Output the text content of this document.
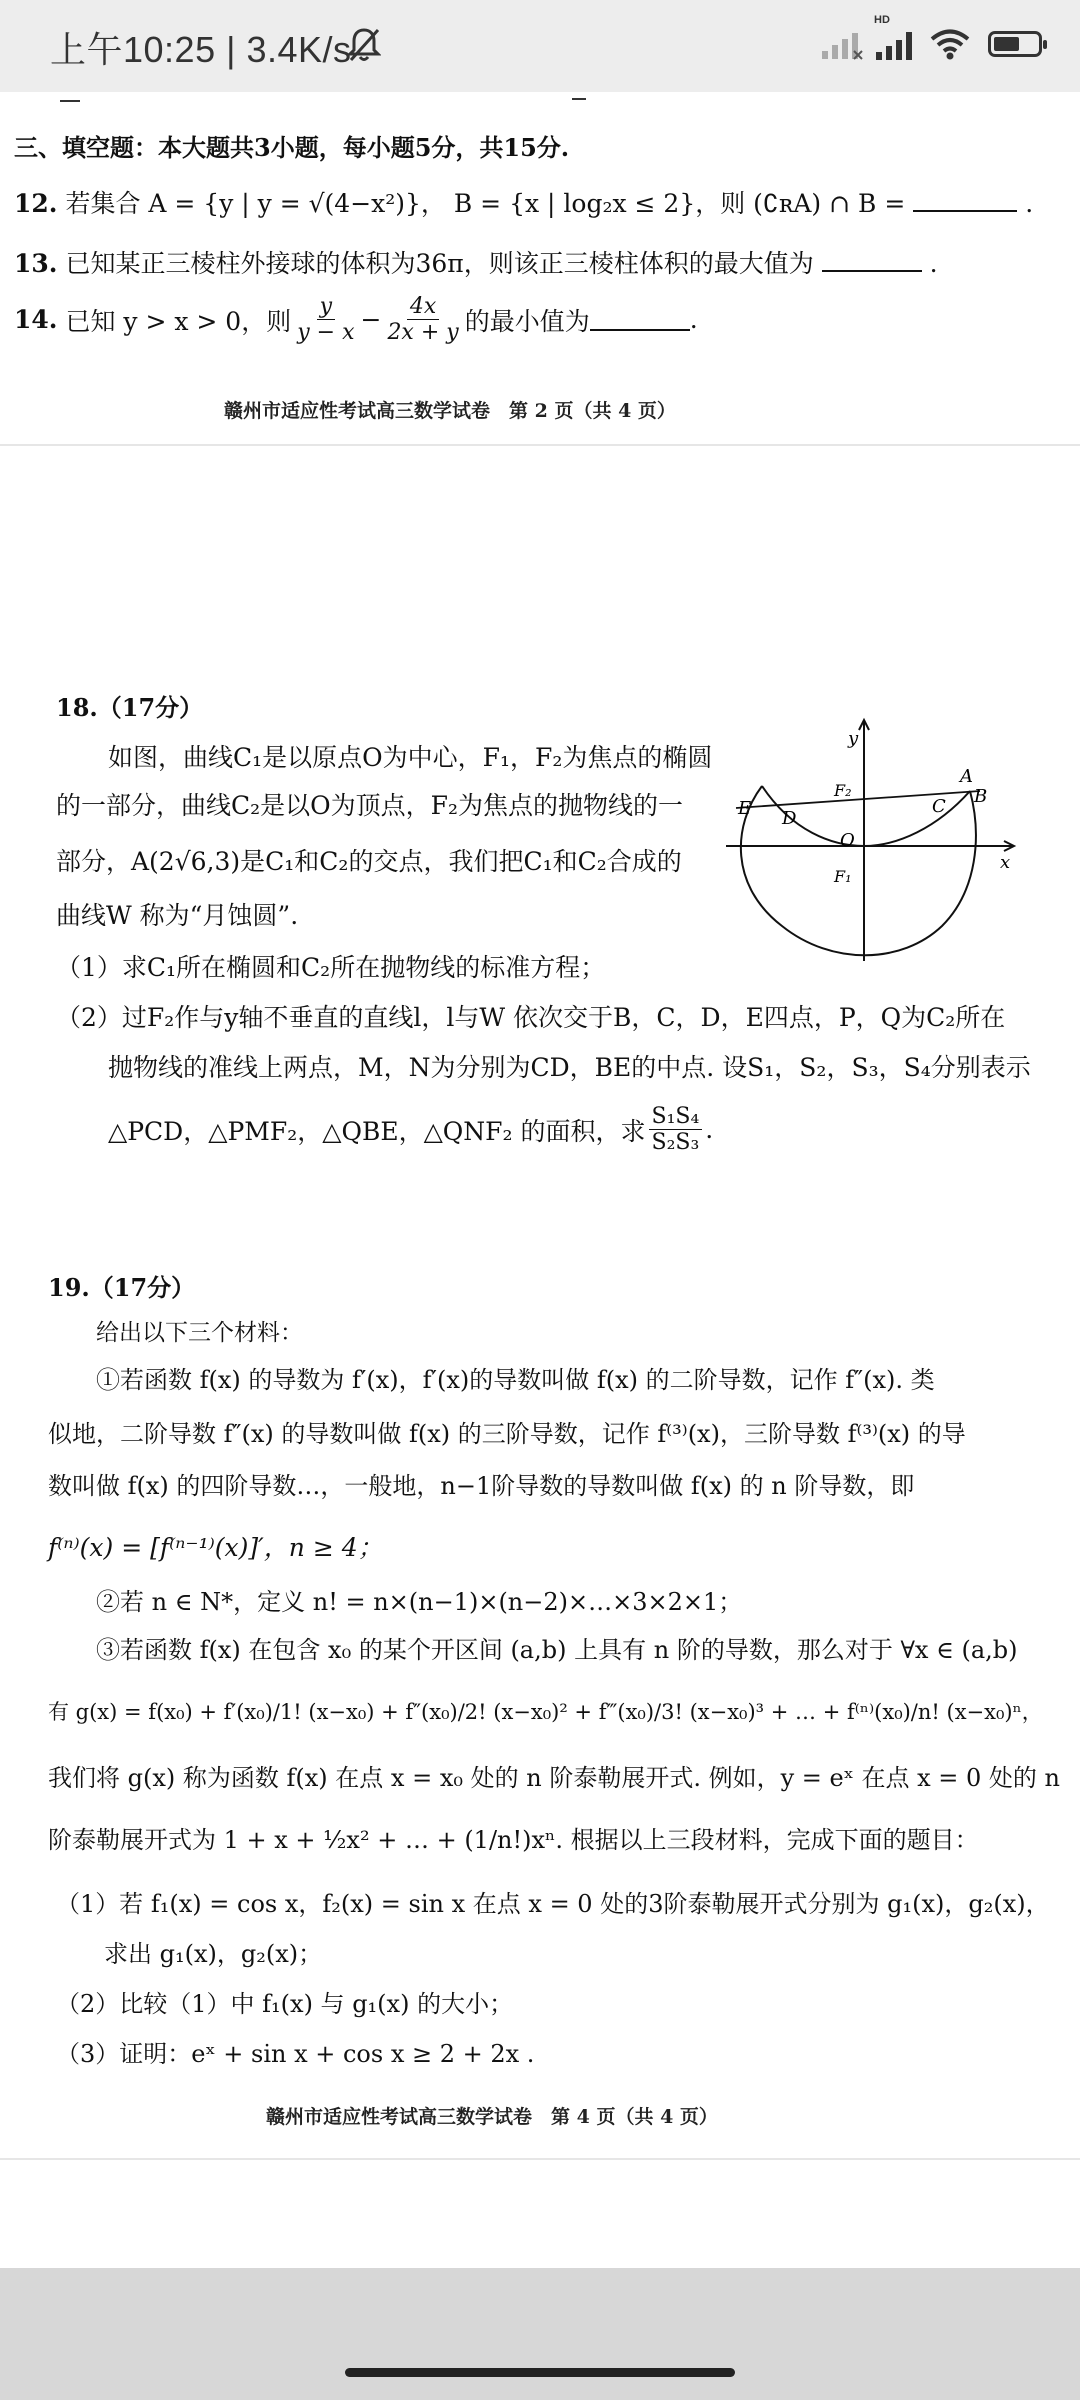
上午10:25 | 3.4K/s
HD
三、填空题：本大题共3小题，每小题5分，共15分.
12. 若集合 A = {y | y = √(4−x²)}， B = {x | log₂x ≤ 2}，则 (∁ʀA) ∩ B =	.
13. 已知某正三棱柱外接球的体积为36π，则该正三棱柱体积的最大值为	.
14.
已知 y > x > 0，则 $\frac{y}{y - x} - \frac{4x}{2x + y}$ 的最小值为	.
赣州市适应性考试高三数学试卷　第 2 页（共 4 页）
18.（17分）
如图，曲线C₁是以原点O为中心，F₁，F₂为焦点的椭圆
的一部分，曲线C₂是以O为顶点，F₂为焦点的抛物线的一
部分，A(2√6,3)是C₁和C₂的交点，我们把C₁和C₂合成的
曲线W 称为“月蚀圆”.
（1）求C₁所在椭圆和C₂所在抛物线的标准方程；
（2）过F₂作与y轴不垂直的直线l，l与W 依次交于B，C，D，E四点，P，Q为C₂所在
抛物线的准线上两点，M，N为分别为CD，BE的中点. 设S₁，S₂，S₃，S₄分别表示
△PCD，△PMF₂，△QBE，△QNF₂ 的面积，求 $\frac{\text{S₁S₄}}{\text{S₂S₃}}$ .
y
x
A
B
C
D
E
F₂
F₁
O
19.（17分）
给出以下三个材料：
①若函数 f(x) 的导数为 f′(x)，f′(x)的导数叫做 f(x) 的二阶导数，记作 f″(x). 类
似地，二阶导数 f″(x) 的导数叫做 f(x) 的三阶导数，记作 f⁽³⁾(x)，三阶导数 f⁽³⁾(x) 的导
数叫做 f(x) 的四阶导数…，一般地，n−1阶导数的导数叫做 f(x) 的 n 阶导数，即
f⁽ⁿ⁾(x) = [f⁽ⁿ⁻¹⁾(x)]′，n ≥ 4；
②若 n ∈ N*，定义 n! = n×(n−1)×(n−2)×…×3×2×1；
③若函数 f(x) 在包含 x₀ 的某个开区间 (a,b) 上具有 n 阶的导数，那么对于 ∀x ∈ (a,b)
有 g(x) = f(x₀) + f′(x₀)/1! (x−x₀) + f″(x₀)/2! (x−x₀)² + f‴(x₀)/3! (x−x₀)³ + … + f⁽ⁿ⁾(x₀)/n! (x−x₀)ⁿ，
我们将 g(x) 称为函数 f(x) 在点 x = x₀ 处的 n 阶泰勒展开式. 例如，y = eˣ 在点 x = 0 处的 n
阶泰勒展开式为 1 + x + ½x² + … + (1/n!)xⁿ. 根据以上三段材料，完成下面的题目：
（1）若 f₁(x) = cos x，f₂(x) = sin x 在点 x = 0 处的3阶泰勒展开式分别为 g₁(x)，g₂(x)，
求出 g₁(x)，g₂(x)；
（2）比较（1）中 f₁(x) 与 g₁(x) 的大小；
（3）证明：eˣ + sin x + cos x ≥ 2 + 2x .
赣州市适应性考试高三数学试卷　第 4 页（共 4 页）
